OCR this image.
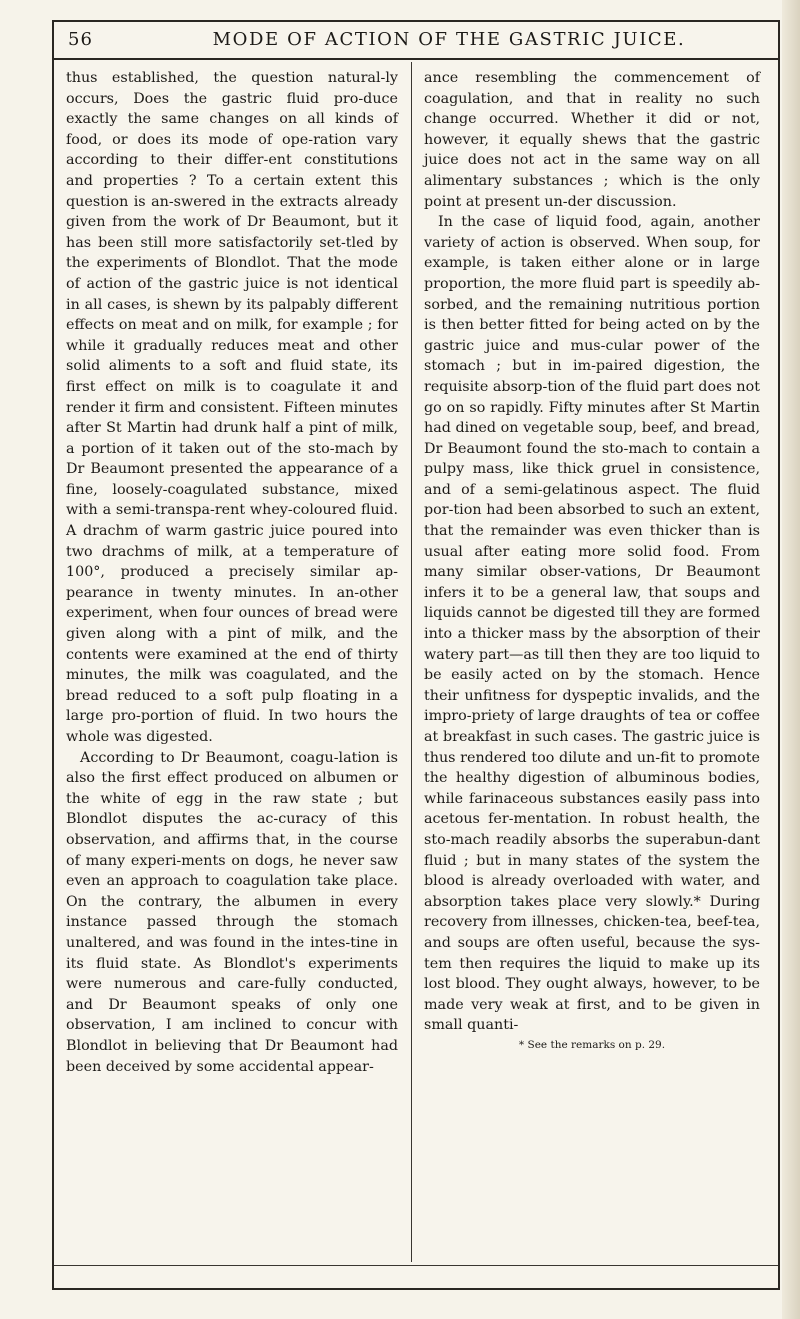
56	MODE OF ACTION OF THE GASTRIC JUICE.

thus established, the question natural-ly occurs, Does the gastric fluid pro-duce exactly the same changes on all kinds of food, or does its mode of ope-ration vary according to their differ-ent constitutions and properties ? To a certain extent this question is an-swered in the extracts already given from the work of Dr Beaumont, but it has been still more satisfactorily set-tled by the experiments of Blondlot. That the mode of action of the gastric juice is not identical in all cases, is shewn by its palpably different effects on meat and on milk, for example ; for while it gradually reduces meat and other solid aliments to a soft and fluid state, its first effect on milk is to coagulate it and render it firm and consistent. Fifteen minutes after St Martin had drunk half a pint of milk, a portion of it taken out of the sto-mach by Dr Beaumont presented the appearance of a fine, loosely-coagulated substance, mixed with a semi-transpa-rent whey-coloured fluid. A drachm of warm gastric juice poured into two drachms of milk, at a temperature of 100°, produced a precisely similar ap-pearance in twenty minutes. In an-other experiment, when four ounces of bread were given along with a pint of milk, and the contents were examined at the end of thirty minutes, the milk was coagulated, and the bread reduced to a soft pulp floating in a large pro-portion of fluid. In two hours the whole was digested.

According to Dr Beaumont, coagu-lation is also the first effect produced on albumen or the white of egg in the raw state ; but Blondlot disputes the ac-curacy of this observation, and affirms that, in the course of many experi-ments on dogs, he never saw even an approach to coagulation take place. On the contrary, the albumen in every instance passed through the stomach unaltered, and was found in the intes-tine in its fluid state. As Blondlot's experiments were numerous and care-fully conducted, and Dr Beaumont speaks of only one observation, I am inclined to concur with Blondlot in believing that Dr Beaumont had been deceived by some accidental appear-

ance resembling the commencement of coagulation, and that in reality no such change occurred. Whether it did or not, however, it equally shews that the gastric juice does not act in the same way on all alimentary substances ; which is the only point at present un-der discussion.

In the case of liquid food, again, another variety of action is observed. When soup, for example, is taken either alone or in large proportion, the more fluid part is speedily ab-sorbed, and the remaining nutritious portion is then better fitted for being acted on by the gastric juice and mus-cular power of the stomach ; but in im-paired digestion, the requisite absorp-tion of the fluid part does not go on so rapidly. Fifty minutes after St Martin had dined on vegetable soup, beef, and bread, Dr Beaumont found the sto-mach to contain a pulpy mass, like thick gruel in consistence, and of a semi-gelatinous aspect. The fluid por-tion had been absorbed to such an extent, that the remainder was even thicker than is usual after eating more solid food. From many similar obser-vations, Dr Beaumont infers it to be a general law, that soups and liquids cannot be digested till they are formed into a thicker mass by the absorption of their watery part—as till then they are too liquid to be easily acted on by the stomach. Hence their unfitness for dyspeptic invalids, and the impro-priety of large draughts of tea or coffee at breakfast in such cases. The gastric juice is thus rendered too dilute and un-fit to promote the healthy digestion of albuminous bodies, while farinaceous substances easily pass into acetous fer-mentation. In robust health, the sto-mach readily absorbs the superabun-dant fluid ; but in many states of the system the blood is already overloaded with water, and absorption takes place very slowly.* During recovery from illnesses, chicken-tea, beef-tea, and soups are often useful, because the sys-tem then requires the liquid to make up its lost blood. They ought always, however, to be made very weak at first, and to be given in small quanti-

* See the remarks on p. 29.
